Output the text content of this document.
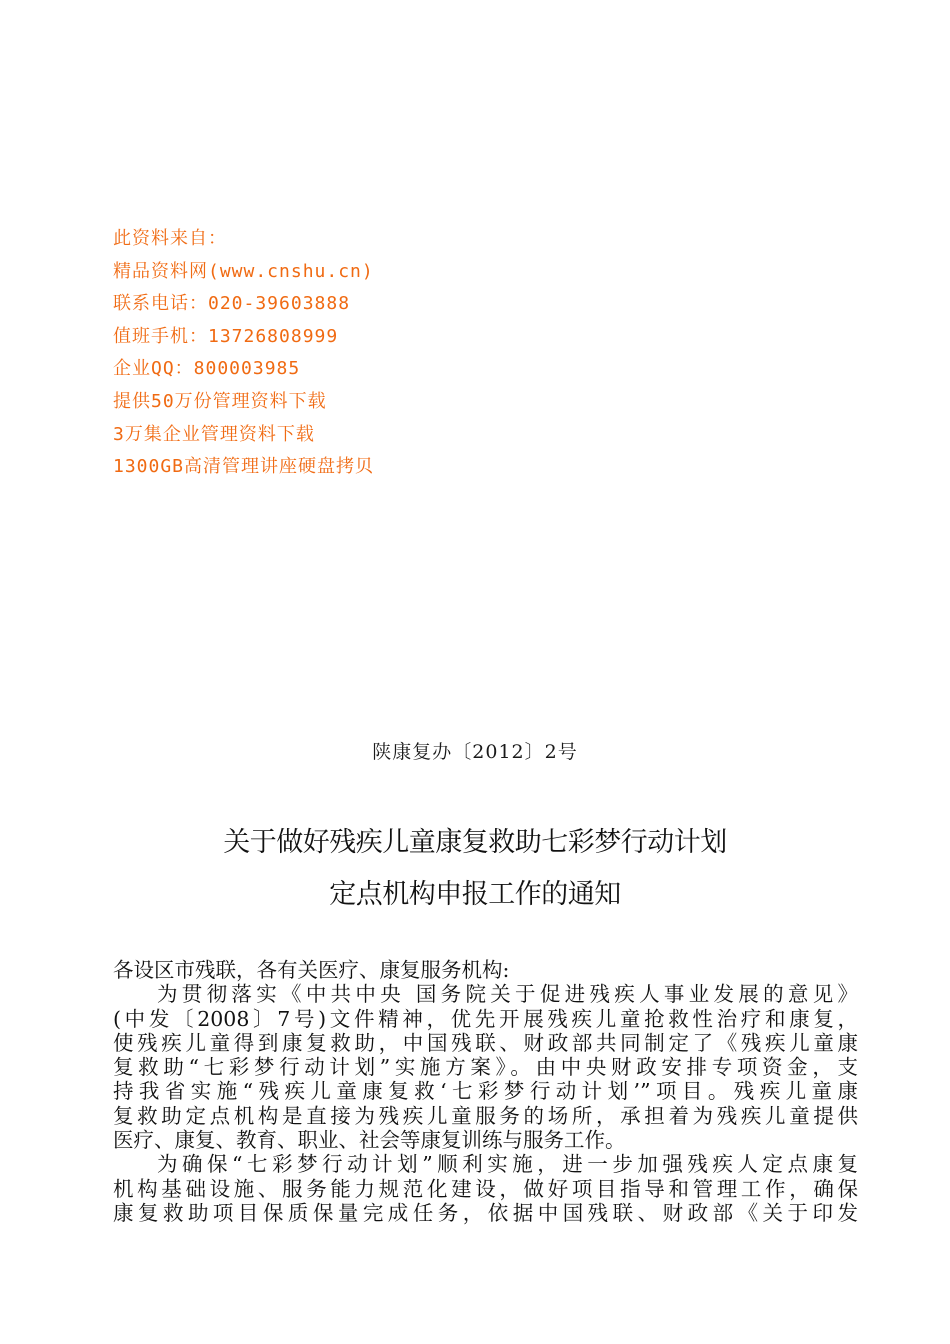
此资料来自：
精品资料网(www.cnshu.cn)
联系电话：020-39603888
值班手机：13726808999
企业QQ：800003985
提供50万份管理资料下载
3万集企业管理资料下载
1300GB高清管理讲座硬盘拷贝
陕康复办〔2012〕2号
关于做好残疾儿童康复救助七彩梦行动计划
定点机构申报工作的通知
各设区市残联，各有关医疗、康复服务机构:
为贯彻落实《中共中央 国务院关于促进残疾人事业发展的意见》
(中发〔2008〕7号)文件精神，优先开展残疾儿童抢救性治疗和康复，
使残疾儿童得到康复救助，中国残联、财政部共同制定了《残疾儿童康
复救助“七彩梦行动计划”实施方案》。由中央财政安排专项资金，支
持我省实施“残疾儿童康复救‘七彩梦行动计划’”项目。残疾儿童康
复救助定点机构是直接为残疾儿童服务的场所，承担着为残疾儿童提供
医疗、康复、教育、职业、社会等康复训练与服务工作。
为确保“七彩梦行动计划”顺利实施，进一步加强残疾人定点康复
机构基础设施、服务能力规范化建设，做好项目指导和管理工作，确保
康复救助项目保质保量完成任务，依据中国残联、财政部《关于印发
